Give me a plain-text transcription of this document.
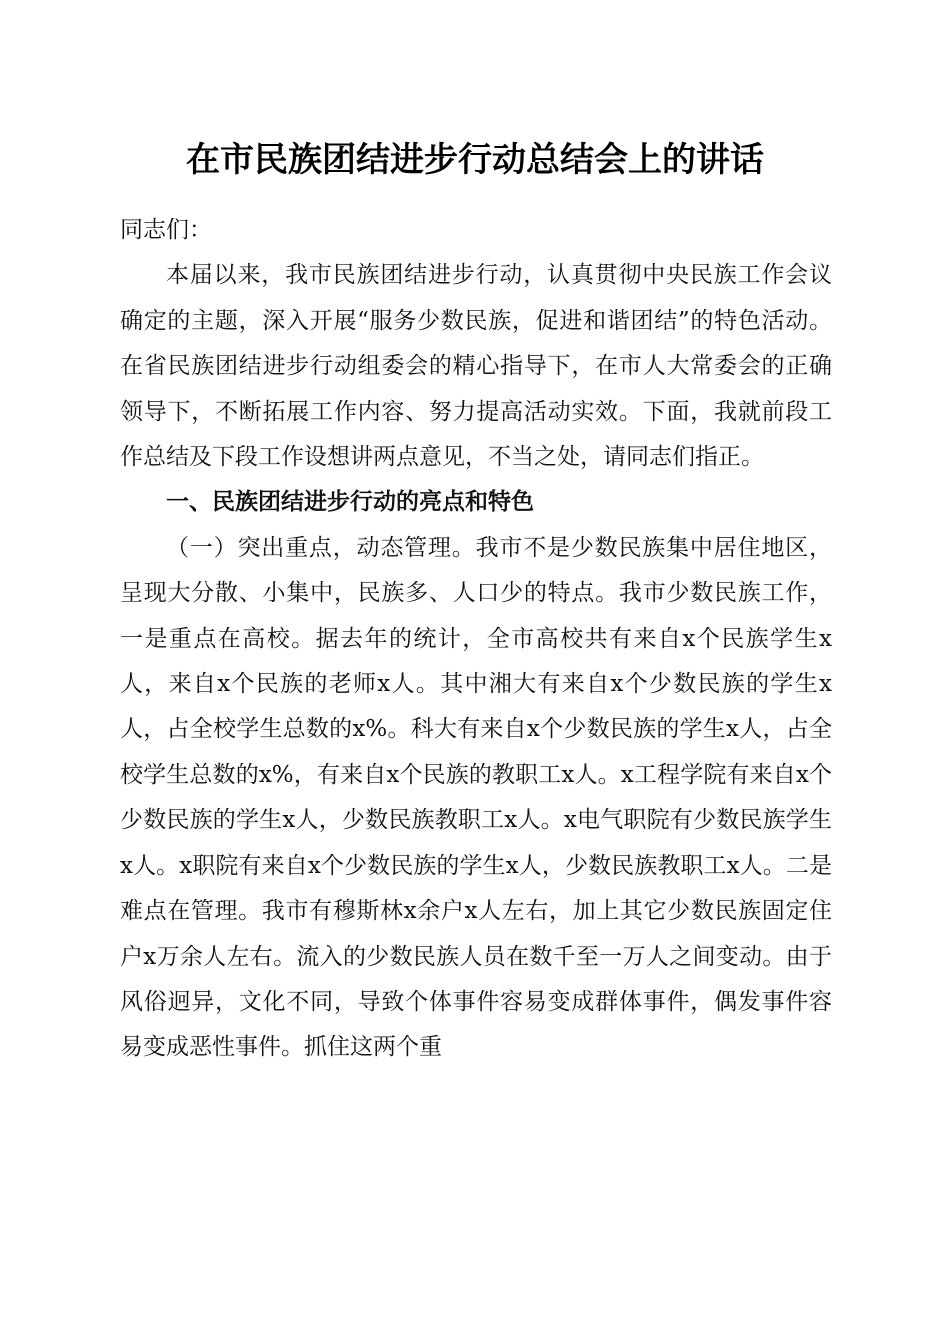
在市民族团结进步行动总结会上的讲话

同志们：

本届以来，我市民族团结进步行动，认真贯彻中央民族工作会议确定的主题，深入开展“服务少数民族，促进和谐团结”的特色活动。在省民族团结进步行动组委会的精心指导下，在市人大常委会的正确领导下，不断拓展工作内容、努力提高活动实效。下面，我就前段工作总结及下段工作设想讲两点意见，不当之处，请同志们指正。

一、民族团结进步行动的亮点和特色

（一）突出重点，动态管理。我市不是少数民族集中居住地区，呈现大分散、小集中，民族多、人口少的特点。我市少数民族工作，一是重点在高校。据去年的统计，全市高校共有来自x个民族学生x人，来自x个民族的老师x人。其中湘大有来自x个少数民族的学生x人，占全校学生总数的x%。科大有来自x个少数民族的学生x人，占全校学生总数的x%，有来自x个民族的教职工x人。x工程学院有来自x个少数民族的学生x人，少数民族教职工x人。x电气职院有少数民族学生x人。x职院有来自x个少数民族的学生x人，少数民族教职工x人。二是难点在管理。我市有穆斯林x余户x人左右，加上其它少数民族固定住户x万余人左右。流入的少数民族人员在数千至一万人之间变动。由于风俗迥异，文化不同，导致个体事件容易变成群体事件，偶发事件容易变成恶性事件。抓住这两个重
